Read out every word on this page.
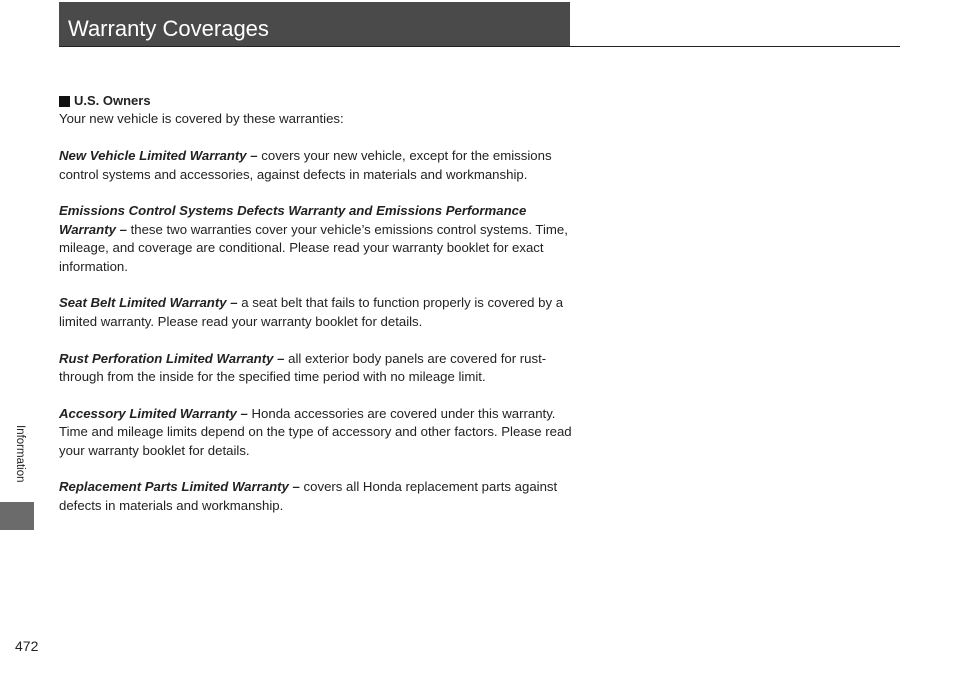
Warranty Coverages
U.S. Owners

Your new vehicle is covered by these warranties:

New Vehicle Limited Warranty – covers your new vehicle, except for the emissions control systems and accessories, against defects in materials and workmanship.

Emissions Control Systems Defects Warranty and Emissions Performance Warranty – these two warranties cover your vehicle’s emissions control systems. Time, mileage, and coverage are conditional. Please read your warranty booklet for exact information.

Seat Belt Limited Warranty – a seat belt that fails to function properly is covered by a limited warranty. Please read your warranty booklet for details.

Rust Perforation Limited Warranty – all exterior body panels are covered for rust-through from the inside for the specified time period with no mileage limit.

Accessory Limited Warranty – Honda accessories are covered under this warranty. Time and mileage limits depend on the type of accessory and other factors. Please read your warranty booklet for details.

Replacement Parts Limited Warranty – covers all Honda replacement parts against defects in materials and workmanship.

Information
472
